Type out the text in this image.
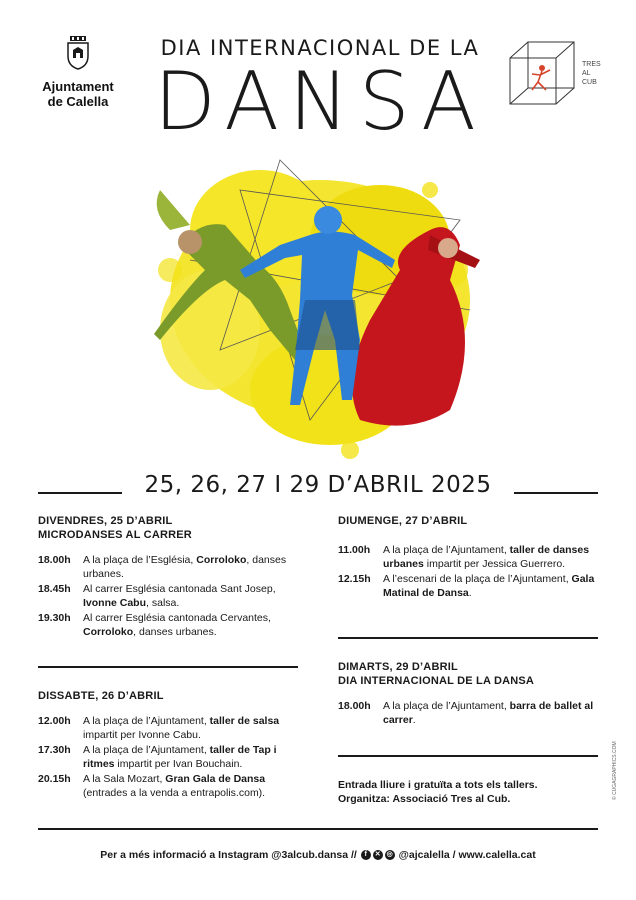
Ajuntament
de Calella
DIA INTERNACIONAL DE LA
DANSA	TRES
AL
CUB
25, 26, 27 I 29 D’ABRIL 2025
DIVENDRES, 25 D’ABRIL
MICRODANSES AL CARRER
18.00h	A la plaça de l’Església, Corroloko, danses urbanes.
18.45h	Al carrer Església cantonada Sant Josep, Ivonne Cabu, salsa.
19.30h	Al carrer Església cantonada Cervantes, Corroloko, danses urbanes.
DISSABTE, 26 D’ABRIL
12.00h	A la plaça de l’Ajuntament, taller de salsa impartit per Ivonne Cabu.
17.30h	A la plaça de l’Ajuntament, taller de Tap i ritmes impartit per Ivan Bouchain.
20.15h	A la Sala Mozart, Gran Gala de Dansa (entrades a la venda a entrapolis.com).
DIUMENGE, 27 D’ABRIL
11.00h	A la plaça de l’Ajuntament, taller de danses urbanes impartit per Jessica Guerrero.
12.15h	A l’escenari de la plaça de l’Ajuntament, Gala Matinal de Dansa.
DIMARTS, 29 D’ABRIL
DIA INTERNACIONAL DE LA DANSA
18.00h	A la plaça de l’Ajuntament, barra de ballet al carrer.
Entrada lliure i gratuïta a tots els tallers.
Organitza: Associació Tres al Cub.
Per a més informació a Instagram @3alcub.dansa // f ✕ ◎ @ajcalella / www.calella.cat
© CUGAGRAPHICS.COM
